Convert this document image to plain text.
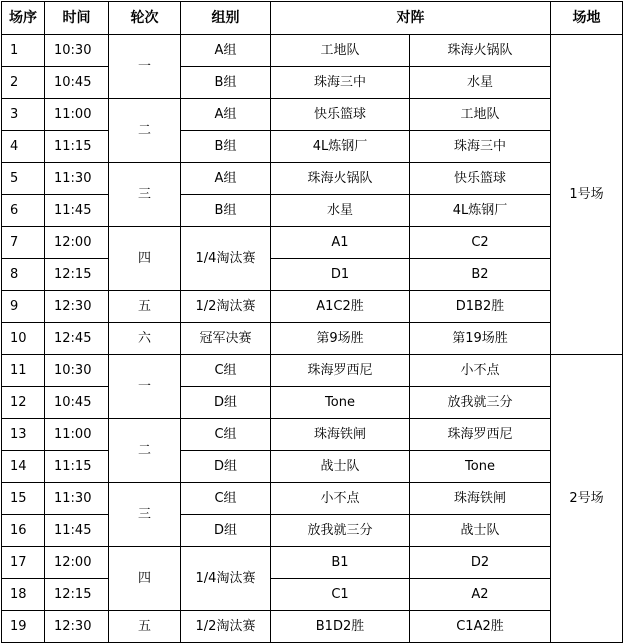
场序	时间	轮次	组别	对阵		场地
1	10:30	一	A组	工地队	珠海火锅队	1号场
2	10:45		B组	珠海三中	水星	
3	11:00	二	A组	快乐篮球	工地队	
4	11:15		B组	4L炼钢厂	珠海三中	
5	11:30	三	A组	珠海火锅队	快乐篮球	
6	11:45		B组	水星	4L炼钢厂	
7	12:00	四	1/4淘汰赛	A1	C2	
8	12:15			D1	B2	
9	12:30	五	1/2淘汰赛	A1C2胜	D1B2胜	
10	12:45	六	冠军决赛	第9场胜	第19场胜	
11	10:30	一	C组	珠海罗西尼	小不点	2号场
12	10:45		D组	Tone	放我就三分	
13	11:00	二	C组	珠海铁闸	珠海罗西尼	
14	11:15		D组	战士队	Tone	
15	11:30	三	C组	小不点	珠海铁闸	
16	11:45		D组	放我就三分	战士队	
17	12:00	四	1/4淘汰赛	B1	D2	
18	12:15			C1	A2	
19	12:30	五	1/2淘汰赛	B1D2胜	C1A2胜	
